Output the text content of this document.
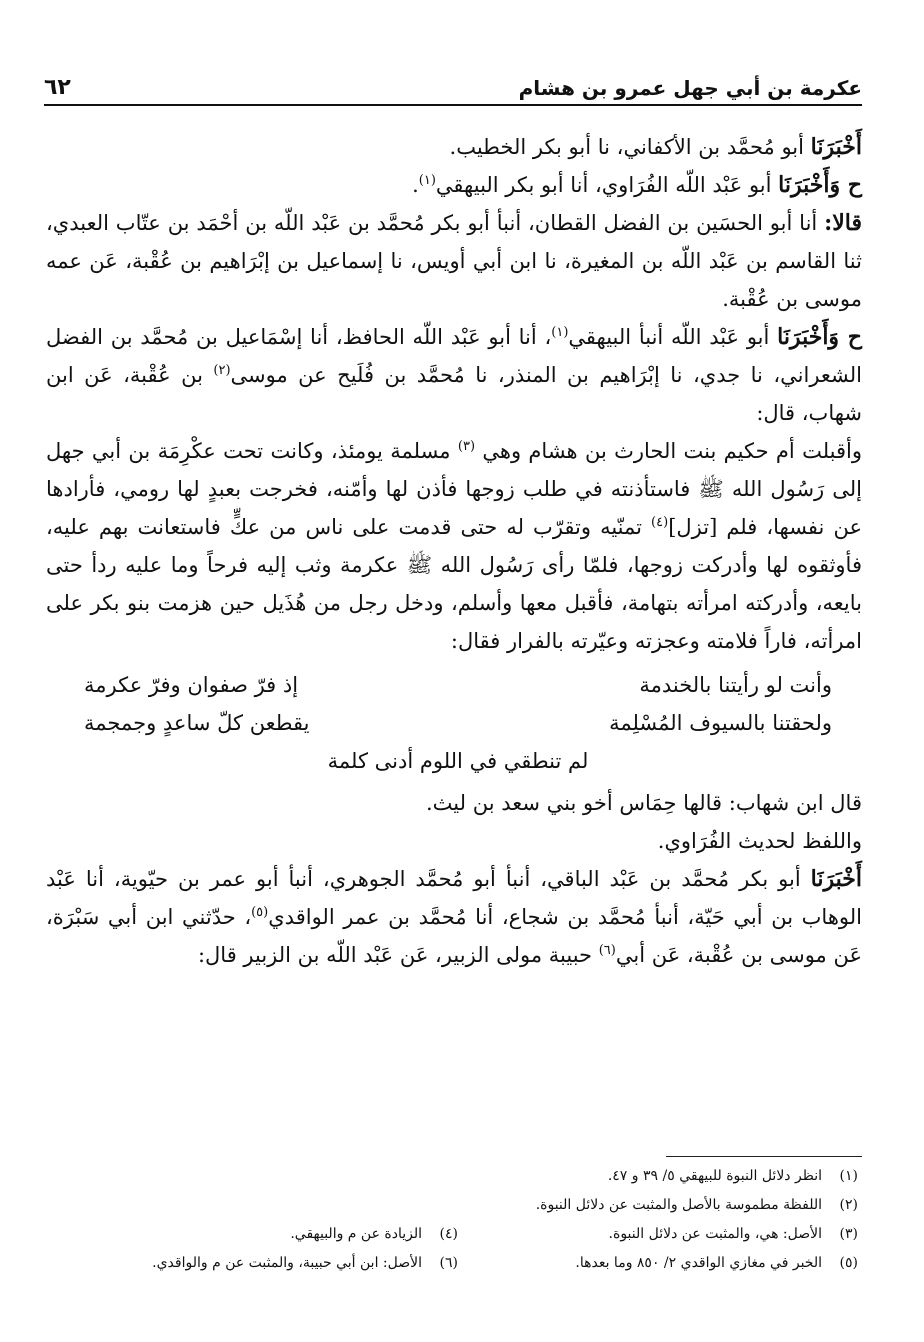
عكرمة بن أبي جهل عمرو بن هشام
٦٢

أَخْبَرَنَا أبو مُحمَّد بن الأكفاني، نا أبو بكر الخطيب.

ح وَأَخْبَرَنَا أبو عَبْد اللّه الفُرَاوي، أنا أبو بكر البيهقي$^{(١)}$.

قالا: أنا أبو الحسَين بن الفضل القطان، أنبأ أبو بكر مُحمَّد بن عَبْد اللّه بن أحْمَد بن عتّاب العبدي، ثنا القاسم بن عَبْد اللّه بن المغيرة، نا ابن أبي أويس، نا إسماعيل بن إبْرَاهيم بن عُقْبة، عَن عمه موسى بن عُقْبة.

ح وَأَخْبَرَنَا أبو عَبْد اللّه أنبأ البيهقي$^{(١)}$، أنا أبو عَبْد اللّه الحافظ، أنا إسْمَاعيل بن مُحمَّد بن الفضل الشعراني، نا جدي، نا إبْرَاهيم بن المنذر، نا مُحمَّد بن فُلَيح عن موسى$^{(٢)}$ بن عُقْبة، عَن ابن شهاب، قال:

وأقبلت أم حكيم بنت الحارث بن هشام وهي $^{(٣)}$ مسلمة يومئذ، وكانت تحت عكْرِمَة بن أبي جهل إلى رَسُول الله ﷺ فاستأذنته في طلب زوجها فأذن لها وأمّنه، فخرجت بعبدٍ لها رومي، فأرادها عن نفسها، فلم [تزل]$^{(٤)}$ تمنّيه وتقرّب له حتى قدمت على ناس من عكٍّ فاستعانت بهم عليه، فأوثقوه لها وأدركت زوجها، فلمّا رأى رَسُول الله ﷺ عكرمة وثب إليه فرحاً وما عليه ردأ حتى بايعه، وأدركته امرأته بتهامة، فأقبل معها وأسلم، ودخل رجل من هُذَيل حين هزمت بنو بكر على امرأته، فاراً فلامته وعجزته وعيّرته بالفرار فقال:

وأنت لو رأيتنا بالخندمة
إذ فرّ صفوان وفرّ عكرمة
ولحقتنا بالسيوف المُسْلِمة
يقطعن كلّ ساعدٍ وجمجمة
لم تنطقي في اللوم أدنى كلمة

قال ابن شهاب: قالها حِمَاس أخو بني سعد بن ليث.

واللفظ لحديث الفُرَاوي.

أَخْبَرَنَا أبو بكر مُحمَّد بن عَبْد الباقي، أنبأ أبو مُحمَّد الجوهري، أنبأ أبو عمر بن حيّوية، أنا عَبْد الوهاب بن أبي حَيّة، أنبأ مُحمَّد بن شجاع، أنا مُحمَّد بن عمر الواقدي$^{(٥)}$، حدّثني ابن أبي سَبْرَة، عَن موسى بن عُقْبة، عَن أبي$^{(٦)}$ حبيبة مولى الزبير، عَن عَبْد اللّه بن الزبير قال:

(١)
انظر دلائل النبوة للبيهقي ٥/ ٣٩ و ٤٧.
(٢)
اللفظة مطموسة بالأصل والمثبت عن دلائل النبوة.
(٣)
الأصل: هي، والمثبت عن دلائل النبوة.
(٤)
الزيادة عن م والبيهقي.
(٥)
الخبر في مغازي الواقدي ٢/ ٨٥٠ وما بعدها.
(٦)
الأصل: ابن أبي حبيبة، والمثبت عن م والواقدي.
